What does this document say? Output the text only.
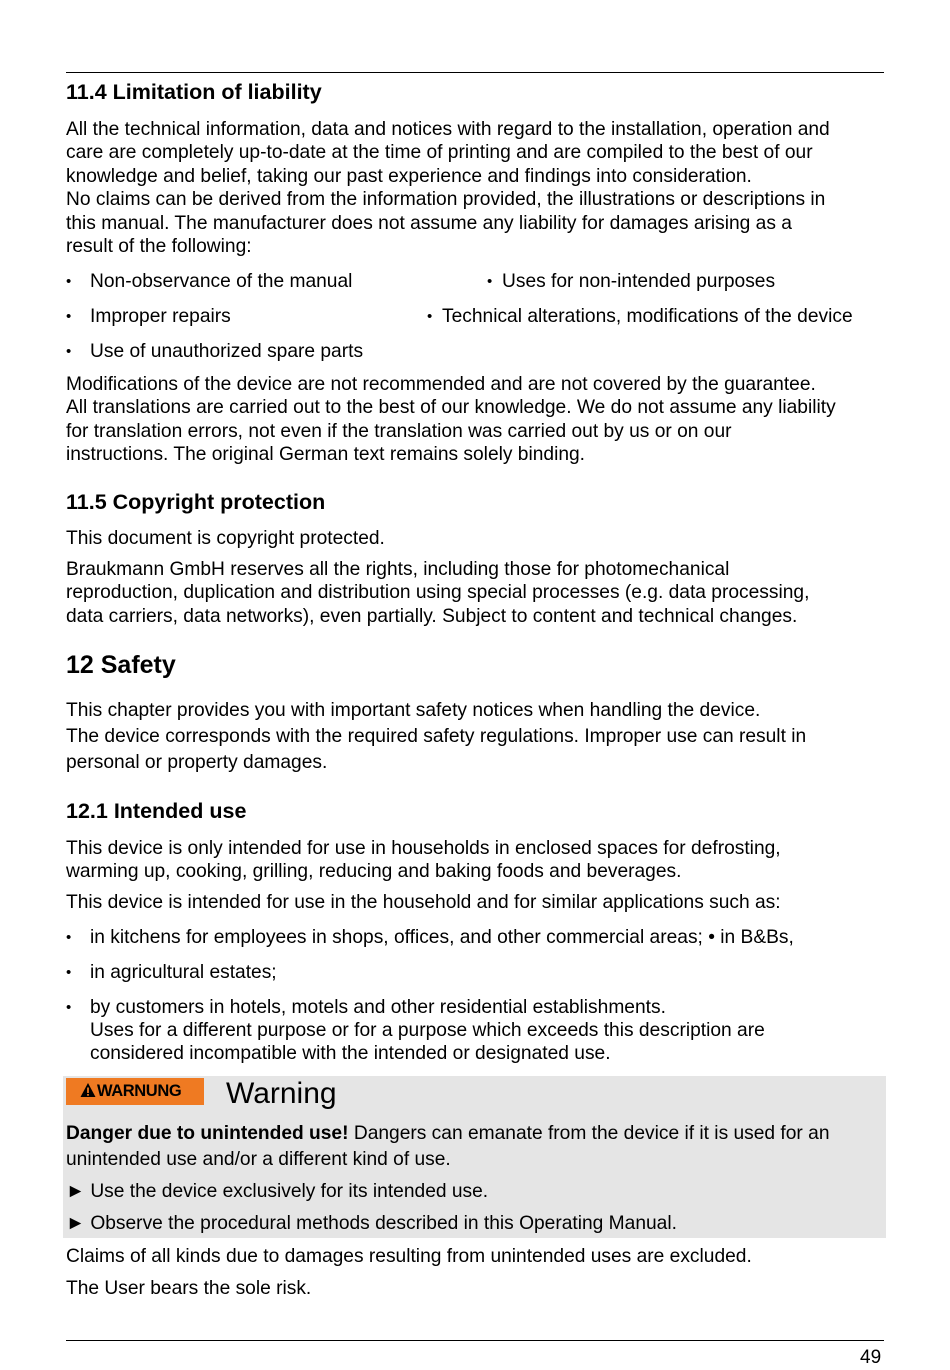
11.4 Limitation of liability
All the technical information, data and notices with regard to the installation, operation and
care are completely up-to-date at the time of printing and are compiled to the best of our
knowledge and belief, taking our past experience and findings into consideration.
No claims can be derived from the information provided, the illustrations or descriptions in
this manual. The manufacturer does not assume any liability for damages arising as a
result of the following:
• Non-observance of the manual	• Uses for non-intended purposes
• Improper repairs	• Technical alterations, modifications of the device
• Use of unauthorized spare parts
Modifications of the device are not recommended and are not covered by the guarantee.
All translations are carried out to the best of our knowledge. We do not assume any liability
for translation errors, not even if the translation was carried out by us or on our
instructions. The original German text remains solely binding.
11.5 Copyright protection
This document is copyright protected.
Braukmann GmbH reserves all the rights, including those for photomechanical
reproduction, duplication and distribution using special processes (e.g. data processing,
data carriers, data networks), even partially. Subject to content and technical changes.
12 Safety
This chapter provides you with important safety notices when handling the device.
The device corresponds with the required safety regulations. Improper use can result in
personal or property damages.
12.1 Intended use
This device is only intended for use in households in enclosed spaces for defrosting,
warming up, cooking, grilling, reducing and baking foods and beverages.
This device is intended for use in the household and for similar applications such as:
• in kitchens for employees in shops, offices, and other commercial areas; • in B&Bs,
• in agricultural estates;
• by customers in hotels, motels and other residential establishments.
Uses for a different purpose or for a purpose which exceeds this description are
considered incompatible with the intended or designated use.
WARNUNG Warning
Danger due to unintended use! Dangers can emanate from the device if it is used for an
unintended use and/or a different kind of use.
► Use the device exclusively for its intended use.
► Observe the procedural methods described in this Operating Manual.
Claims of all kinds due to damages resulting from unintended uses are excluded.
The User bears the sole risk.
49
